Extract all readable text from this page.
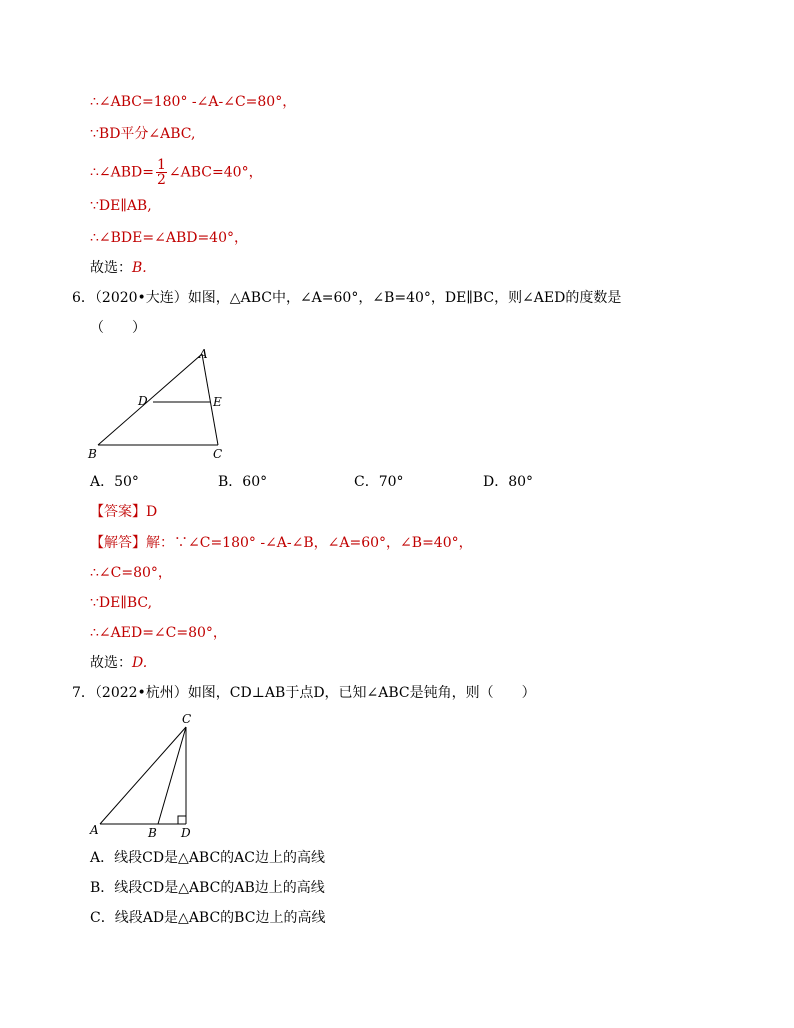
∴∠ABC=180° -∠A-∠C=80°，
∵BD平分∠ABC,
∴∠ABD= $\frac{1}{2}$ ∠ABC=40°，
∵DE∥AB,
∴∠BDE=∠ABD=40°，
故选：B.
6．（2020•大连）如图，△ABC中，∠A=60°，∠B=40°，DE∥BC，则∠AED的度数是
（　　）
A
D	E
B	C
A．50°	B．60°	C．70°	D．80°
【答案】D
【解答】解：∵∠C=180° -∠A-∠B，∠A=60°，∠B=40°，
∴∠C=80°，
∵DE∥BC,
∴∠AED=∠C=80°，
故选：D.
7．（2022•杭州）如图，CD⊥AB于点D，已知∠ABC是钝角，则（　　）
C
A	B D
A．线段CD是△ABC的AC边上的高线
B．线段CD是△ABC的AB边上的高线
C．线段AD是△ABC的BC边上的高线
